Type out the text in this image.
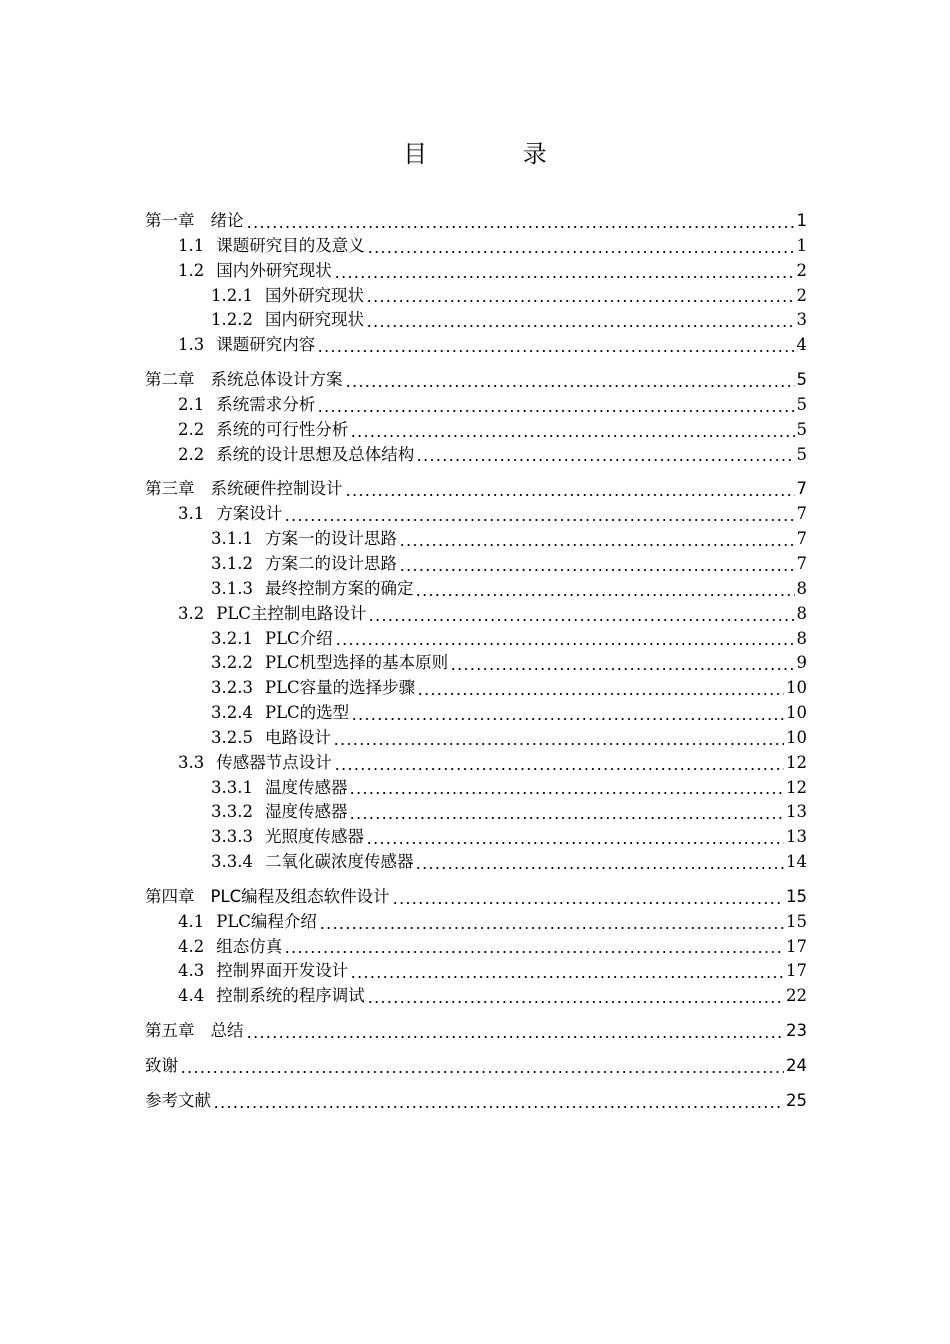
目 录
第一章 绪论	1
1.1 课题研究目的及意义	1
1.2 国内外研究现状	2
1.2.1 国外研究现状	2
1.2.2 国内研究现状	3
1.3 课题研究内容	4
第二章 系统总体设计方案	5
2.1 系统需求分析	5
2.2 系统的可行性分析	5
2.2 系统的设计思想及总体结构	5
第三章 系统硬件控制设计	7
3.1 方案设计	7
3.1.1 方案一的设计思路	7
3.1.2 方案二的设计思路	7
3.1.3 最终控制方案的确定	8
3.2 PLC主控制电路设计	8
3.2.1 PLC介绍	8
3.2.2 PLC机型选择的基本原则	9
3.2.3 PLC容量的选择步骤	10
3.2.4 PLC的选型	10
3.2.5 电路设计	10
3.3 传感器节点设计	12
3.3.1 温度传感器	12
3.3.2 湿度传感器	13
3.3.3 光照度传感器	13
3.3.4 二氧化碳浓度传感器	14
第四章 PLC编程及组态软件设计	15
4.1 PLC编程介绍	15
4.2 组态仿真	17
4.3 控制界面开发设计	17
4.4 控制系统的程序调试	22
第五章 总结	23
致谢	24
参考文献	25
